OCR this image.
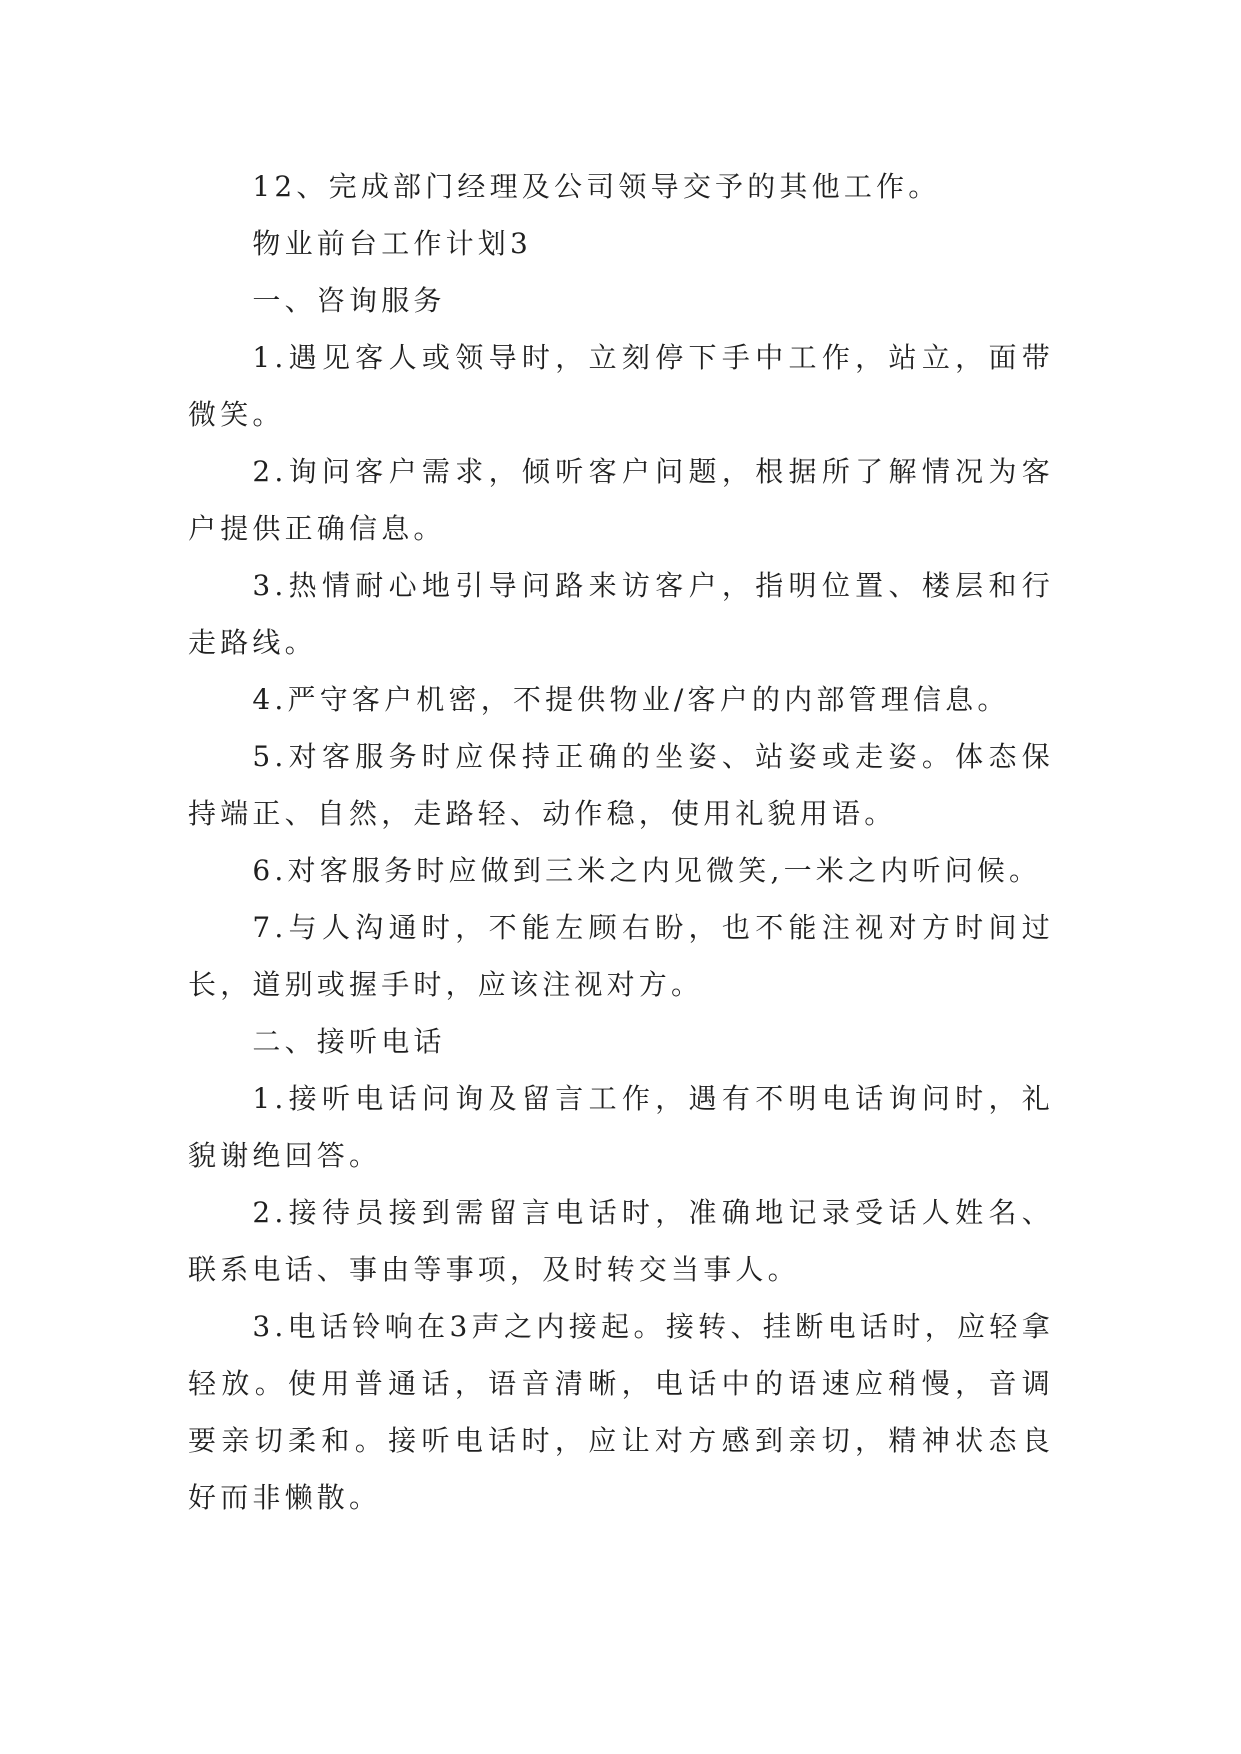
12、完成部门经理及公司领导交予的其他工作。

物业前台工作计划3

一、咨询服务

1.遇见客人或领导时，立刻停下手中工作，站立，面带微笑。

2.询问客户需求，倾听客户问题，根据所了解情况为客户提供正确信息。

3.热情耐心地引导问路来访客户，指明位置、楼层和行走路线。

4.严守客户机密，不提供物业/客户的内部管理信息。

5.对客服务时应保持正确的坐姿、站姿或走姿。体态保持端正、自然，走路轻、动作稳，使用礼貌用语。

6.对客服务时应做到三米之内见微笑,一米之内听问候。

7.与人沟通时，不能左顾右盼，也不能注视对方时间过长，道别或握手时，应该注视对方。

二、接听电话

1.接听电话问询及留言工作，遇有不明电话询问时，礼貌谢绝回答。

2.接待员接到需留言电话时，准确地记录受话人姓名、联系电话、事由等事项，及时转交当事人。

3.电话铃响在3声之内接起。接转、挂断电话时，应轻拿轻放。使用普通话，语音清晰，电话中的语速应稍慢，音调要亲切柔和。接听电话时，应让对方感到亲切，精神状态良好而非懒散。
